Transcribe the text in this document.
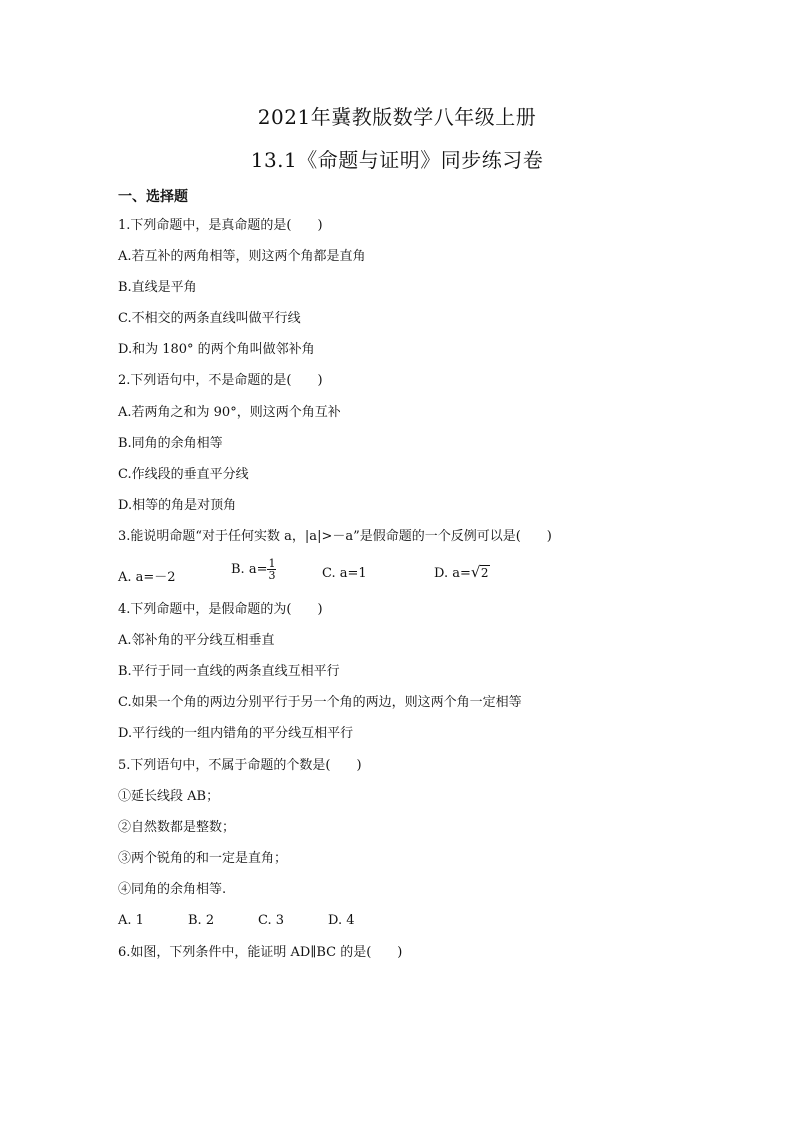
2021年冀教版数学八年级上册
13.1《命题与证明》同步练习卷
一、选择题
1.下列命题中，是真命题的是(　　)
A.若互补的两角相等，则这两个角都是直角
B.直线是平角
C.不相交的两条直线叫做平行线
D.和为 180° 的两个角叫做邻补角
2.下列语句中，不是命题的是(　　)
A.若两角之和为 90°，则这两个角互补
B.同角的余角相等
C.作线段的垂直平分线
D.相等的角是对顶角
3.能说明命题“对于任何实数 a，|a|>－a”是假命题的一个反例可以是(　　)

A. a=－2

B. $a= \frac{1}{3}$

	C. a=1

	D. a= √ 2

4.下列命题中，是假命题的为(　　)
A.邻补角的平分线互相垂直
B.平行于同一直线的两条直线互相平行
C.如果一个角的两边分别平行于另一个角的两边，则这两个角一定相等
D.平行线的一组内错角的平分线互相平行
5.下列语句中，不属于命题的个数是(　　)
①延长线段 AB；
②自然数都是整数；
③两个锐角的和一定是直角；
④同角的余角相等.

A. 1

	B. 2

	C. 3

	D. 4

6.如图，下列条件中，能证明 AD∥BC 的是(　　)
